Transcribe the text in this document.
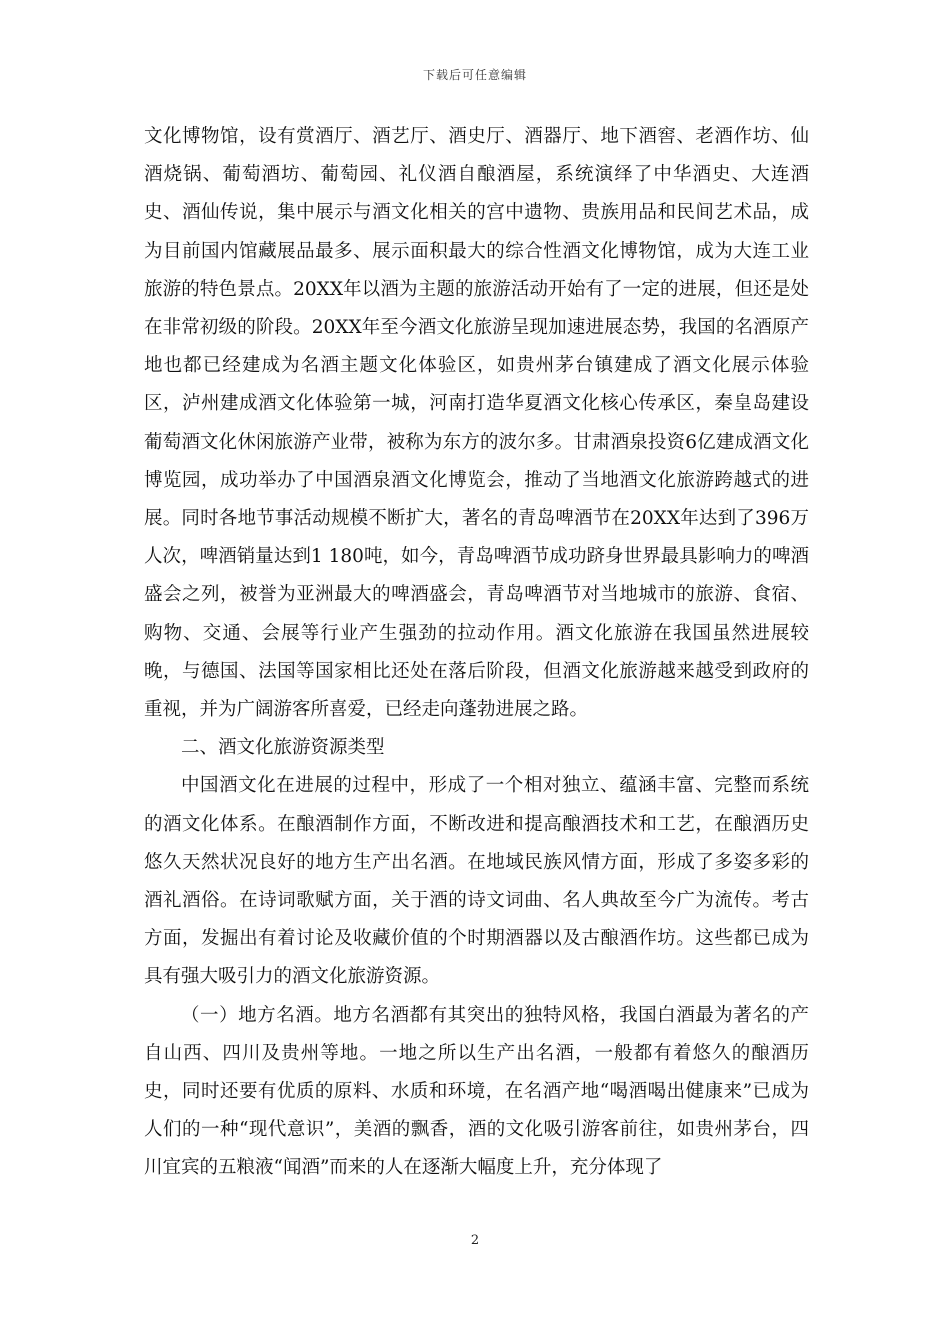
下载后可任意编辑

文化博物馆，设有赏酒厅、酒艺厅、酒史厅、酒器厅、地下酒窖、老酒作坊、仙酒烧锅、葡萄酒坊、葡萄园、礼仪酒自酿酒屋，系统演绎了中华酒史、大连酒史、酒仙传说，集中展示与酒文化相关的宫中遗物、贵族用品和民间艺术品，成为目前国内馆藏展品最多、展示面积最大的综合性酒文化博物馆，成为大连工业旅游的特色景点。20XX年以酒为主题的旅游活动开始有了一定的进展，但还是处在非常初级的阶段。20XX年至今酒文化旅游呈现加速进展态势，我国的名酒原产地也都已经建成为名酒主题文化体验区，如贵州茅台镇建成了酒文化展示体验区，泸州建成酒文化体验第一城，河南打造华夏酒文化核心传承区，秦皇岛建设葡萄酒文化休闲旅游产业带，被称为东方的波尔多。甘肃酒泉投资6亿建成酒文化博览园，成功举办了中国酒泉酒文化博览会，推动了当地酒文化旅游跨越式的进展。同时各地节事活动规模不断扩大，著名的青岛啤酒节在20XX年达到了396万人次，啤酒销量达到1 180吨，如今，青岛啤酒节成功跻身世界最具影响力的啤酒盛会之列，被誉为亚洲最大的啤酒盛会，青岛啤酒节对当地城市的旅游、食宿、购物、交通、会展等行业产生强劲的拉动作用。酒文化旅游在我国虽然进展较晚，与德国、法国等国家相比还处在落后阶段，但酒文化旅游越来越受到政府的重视，并为广阔游客所喜爱，已经走向蓬勃进展之路。

二、酒文化旅游资源类型

中国酒文化在进展的过程中，形成了一个相对独立、蕴涵丰富、完整而系统的酒文化体系。在酿酒制作方面，不断改进和提高酿酒技术和工艺，在酿酒历史悠久天然状况良好的地方生产出名酒。在地域民族风情方面，形成了多姿多彩的酒礼酒俗。在诗词歌赋方面，关于酒的诗文词曲、名人典故至今广为流传。考古方面，发掘出有着讨论及收藏价值的个时期酒器以及古酿酒作坊。这些都已成为具有强大吸引力的酒文化旅游资源。

（一）地方名酒。地方名酒都有其突出的独特风格，我国白酒最为著名的产自山西、四川及贵州等地。一地之所以生产出名酒，一般都有着悠久的酿酒历史，同时还要有优质的原料、水质和环境，在名酒产地“喝酒喝出健康来”已成为人们的一种“现代意识”，美酒的飘香，酒的文化吸引游客前往，如贵州茅台，四川宜宾的五粮液“闻酒”而来的人在逐渐大幅度上升，充分体现了

2
